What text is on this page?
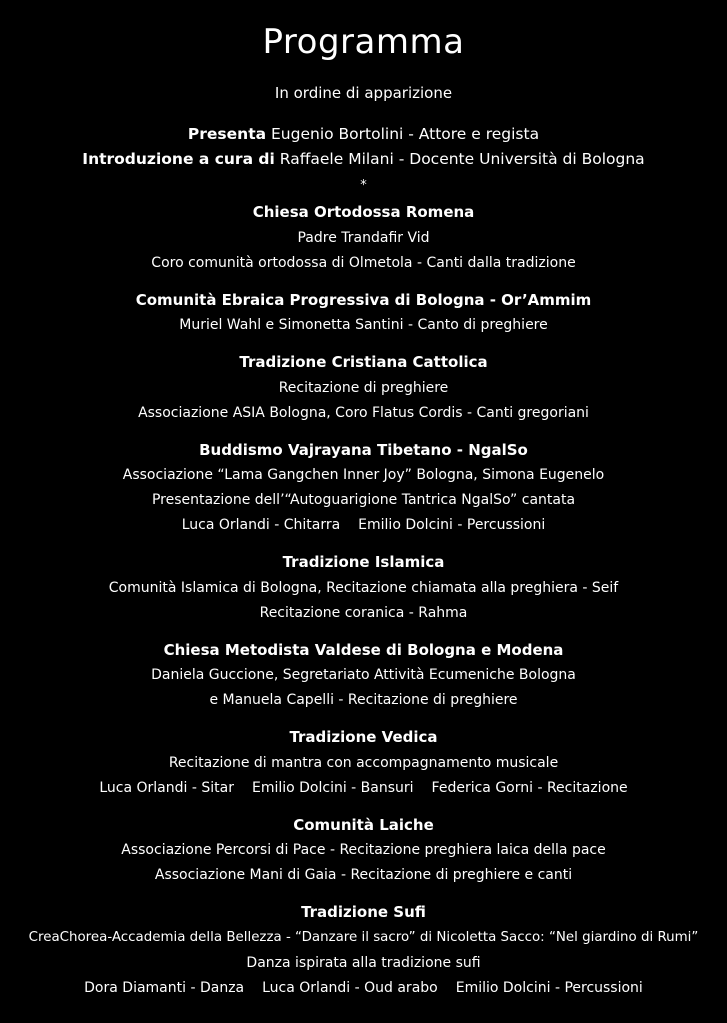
Programma
In ordine di apparizione
Presenta Eugenio Bortolini - Attore e regista
Introduzione a cura di Raffaele Milani - Docente Università di Bologna
*
Chiesa Ortodossa Romena
Padre Trandafir Vid
Coro comunità ortodossa di Olmetola - Canti dalla tradizione
Comunità Ebraica Progressiva di Bologna - Or’Ammim
Muriel Wahl e Simonetta Santini - Canto di preghiere
Tradizione Cristiana Cattolica
Recitazione di preghiere
Associazione ASIA Bologna, Coro Flatus Cordis - Canti gregoriani
Buddismo Vajrayana Tibetano - NgalSo
Associazione “Lama Gangchen Inner Joy” Bologna, Simona Eugenelo
Presentazione dell’“Autoguarigione Tantrica NgalSo” cantata
Luca Orlandi - Chitarra Emilio Dolcini - Percussioni
Tradizione Islamica
Comunità Islamica di Bologna, Recitazione chiamata alla preghiera - Seif
Recitazione coranica - Rahma
Chiesa Metodista Valdese di Bologna e Modena
Daniela Guccione, Segretariato Attività Ecumeniche Bologna
e Manuela Capelli - Recitazione di preghiere
Tradizione Vedica
Recitazione di mantra con accompagnamento musicale
Luca Orlandi - Sitar Emilio Dolcini - Bansuri Federica Gorni - Recitazione
Comunità Laiche
Associazione Percorsi di Pace - Recitazione preghiera laica della pace
Associazione Mani di Gaia - Recitazione di preghiere e canti
Tradizione Sufi
CreaChorea-Accademia della Bellezza - “Danzare il sacro” di Nicoletta Sacco: “Nel giardino di Rumi”
Danza ispirata alla tradizione sufi
Dora Diamanti - Danza Luca Orlandi - Oud arabo Emilio Dolcini - Percussioni
